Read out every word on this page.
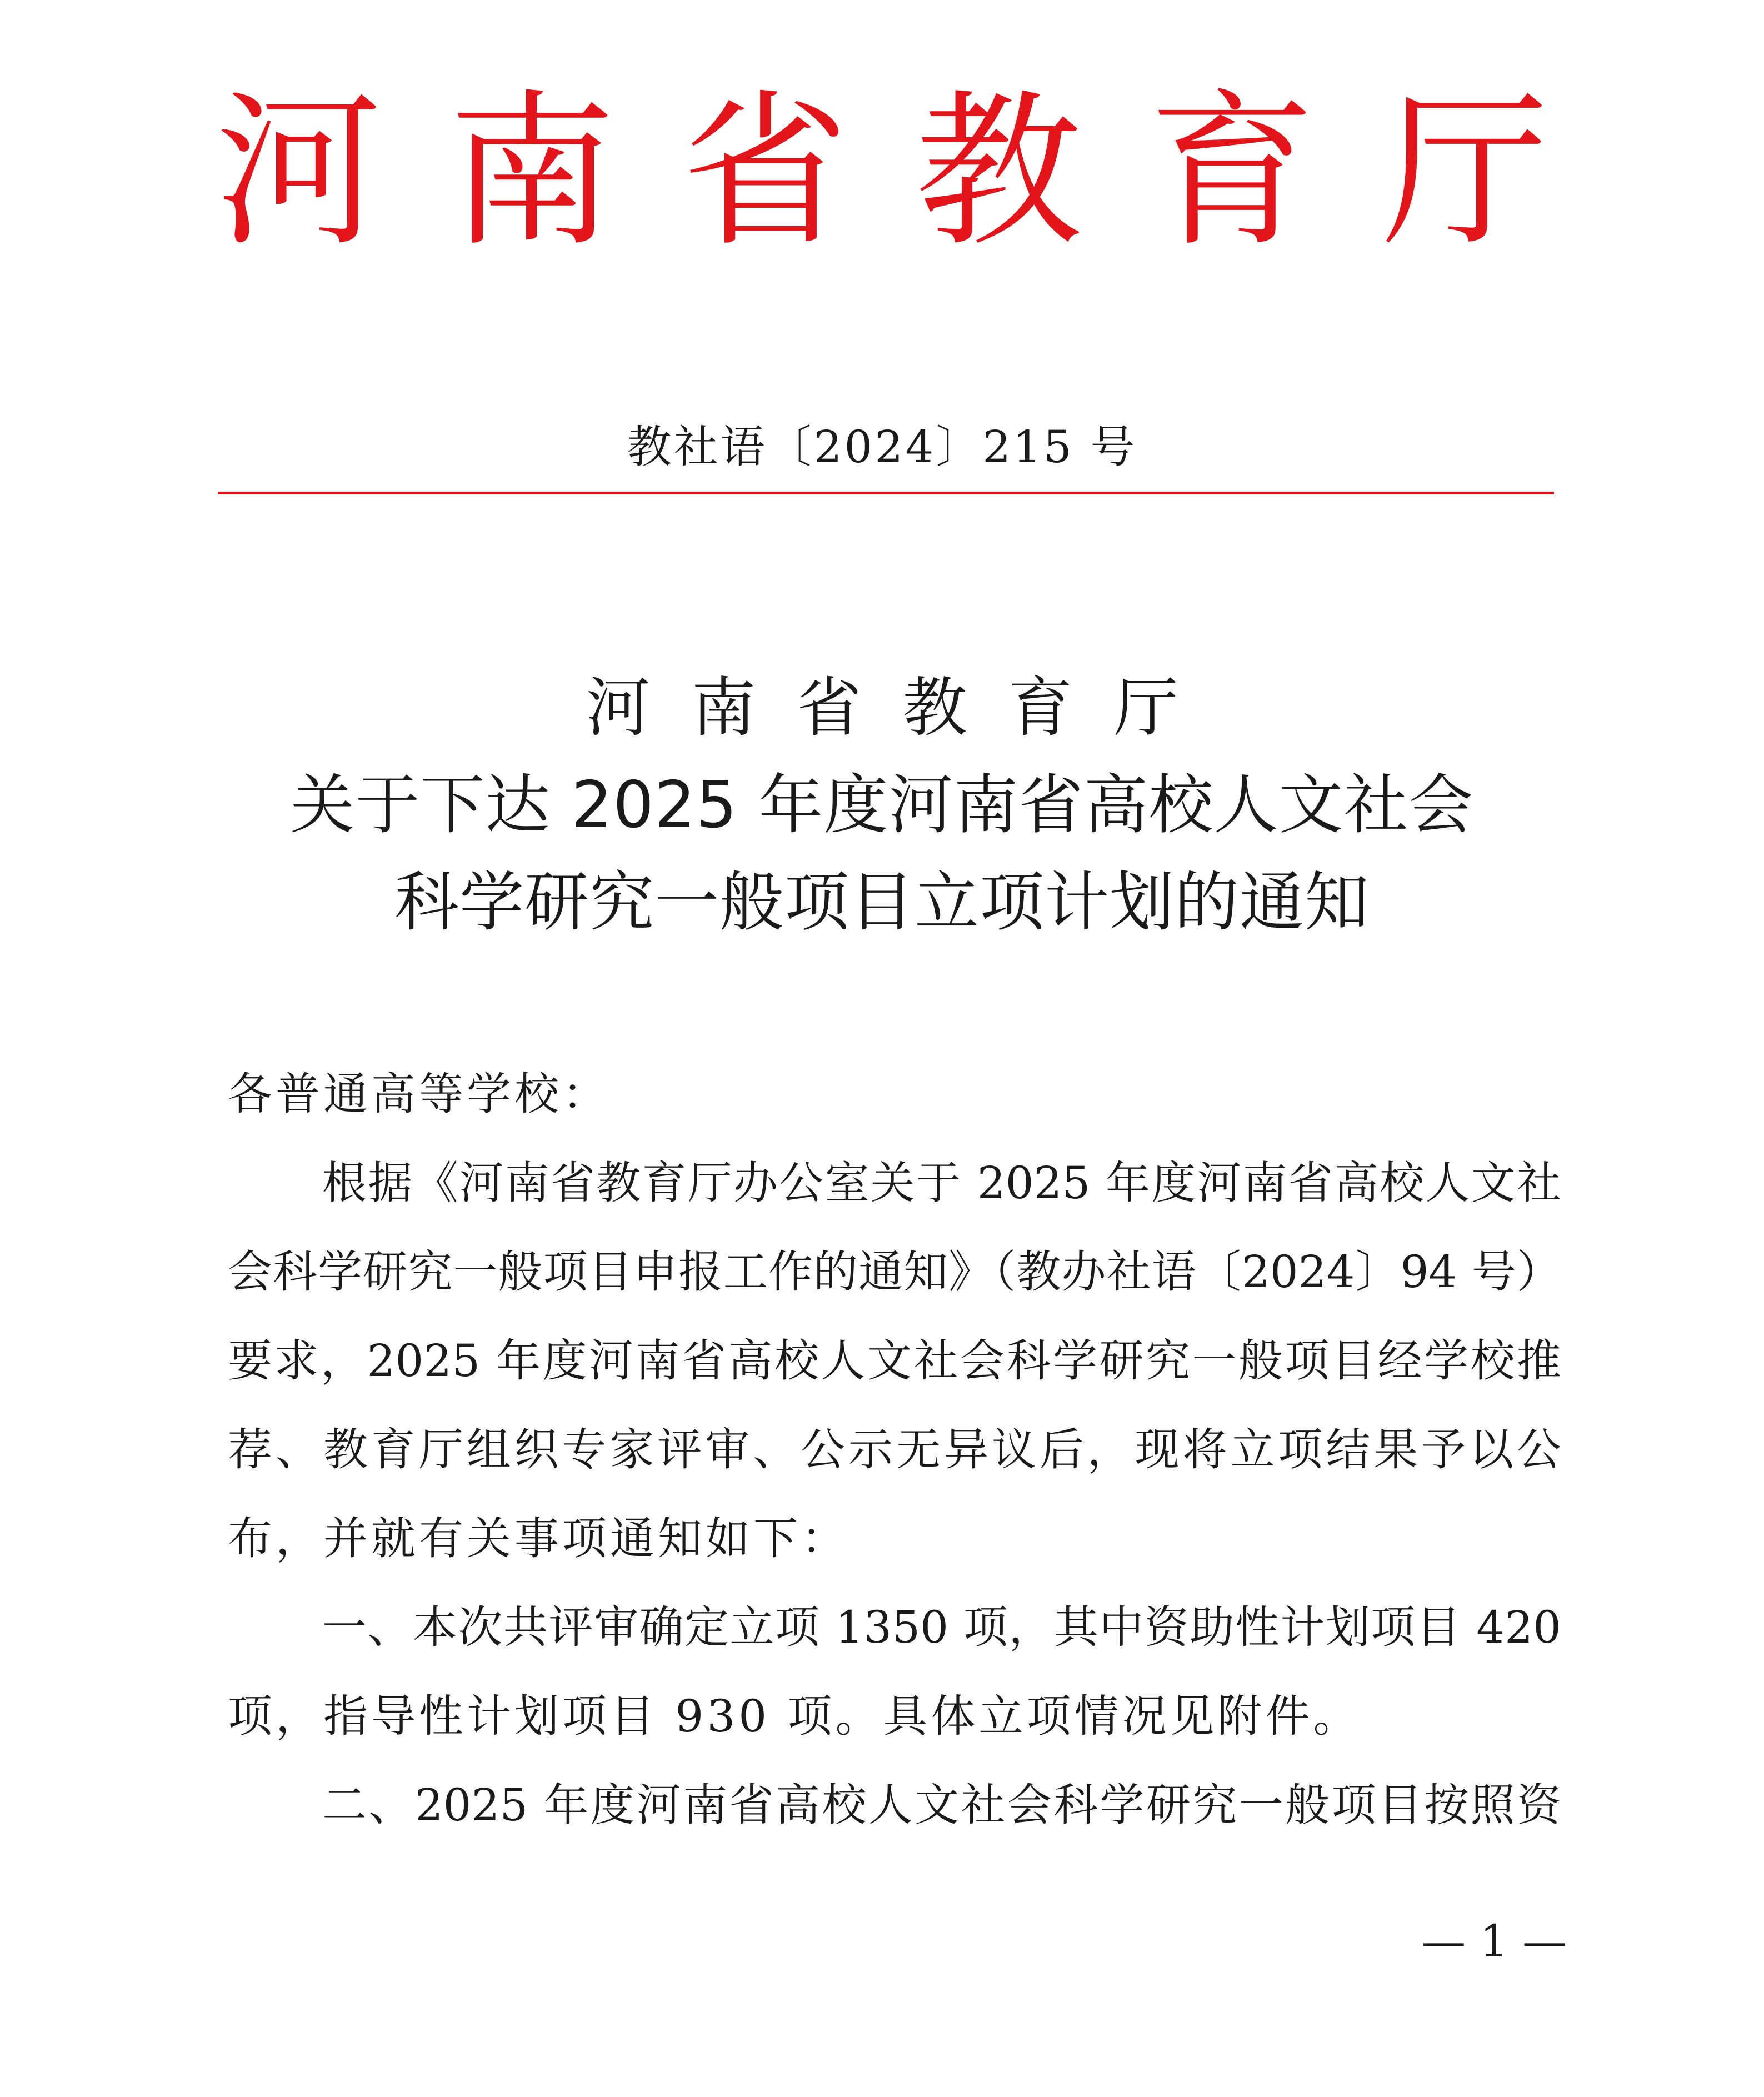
河南省教育厅
教社语〔2024〕215 号
河南省教育厅
关于下达 2025 年度河南省高校人文社会
科学研究一般项目立项计划的通知
各普通高等学校：
根据《河南省教育厅办公室关于 2025 年度河南省高校人文社
会科学研究一般项目申报工作的通知》（教办社语〔2024〕94 号）
要求，2025 年度河南省高校人文社会科学研究一般项目经学校推
荐、教育厅组织专家评审、公示无异议后，现将立项结果予以公
布，并就有关事项通知如下：
一、本次共评审确定立项 1350 项，其中资助性计划项目 420
项，指导性计划项目 930 项。具体立项情况见附件。
二、2025 年度河南省高校人文社会科学研究一般项目按照资
— 1 —
